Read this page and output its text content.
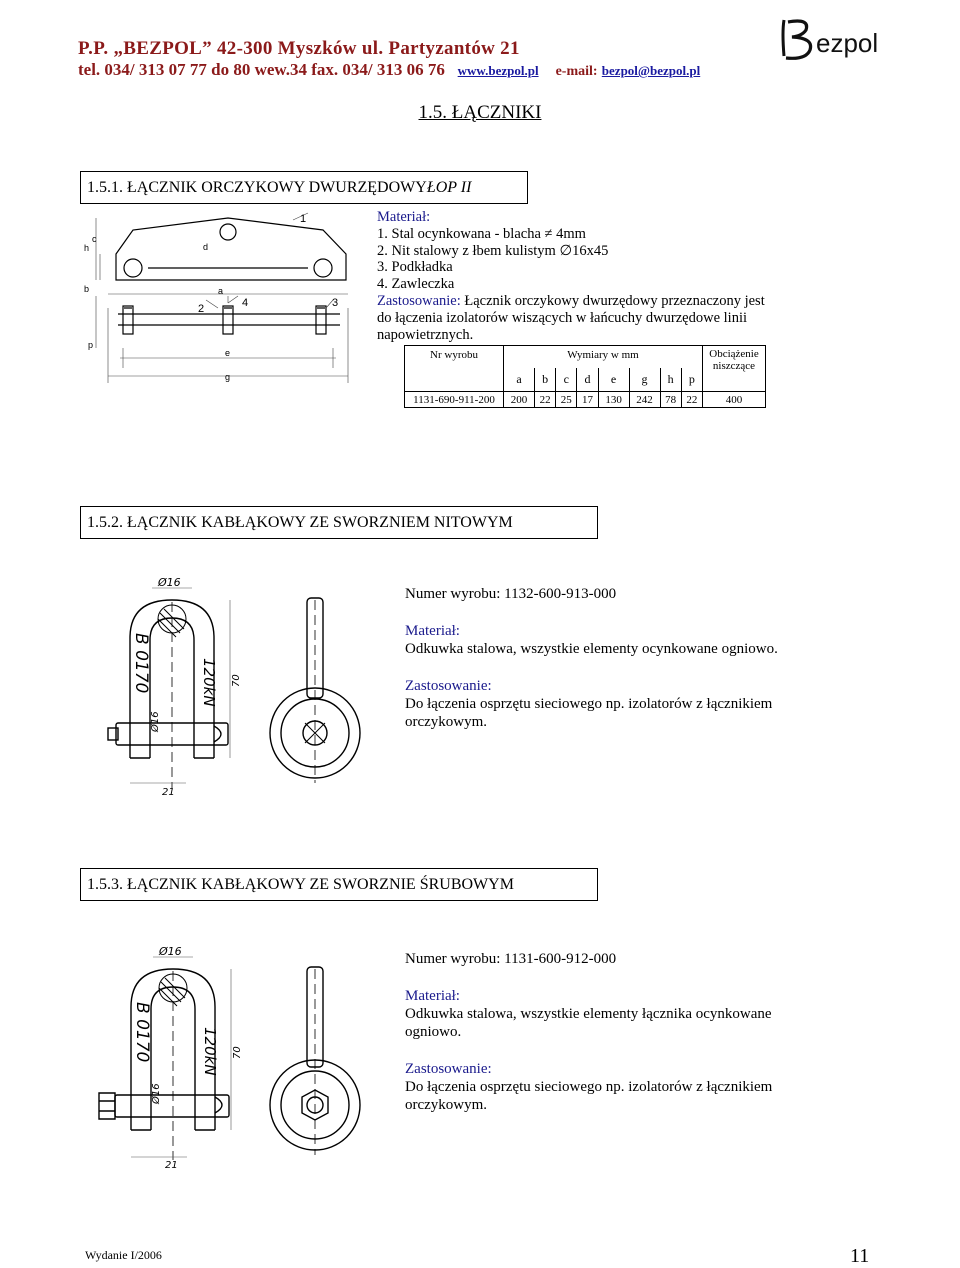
P.P. „BEZPOL” 42-300 Myszków ul. Partyzantów 21
tel. 034/ 313 07 77 do 80 wew.34 fax. 034/ 313 06 76 www.bezpol.pl e-mail: bezpol@bezpol.pl
ezpol
1.5. ŁĄCZNIKI
1.5.1. ŁĄCZNIK ORCZYKOWY DWURZĘDOWY ŁOP II
h
c
b
p
d
a
e
g
1
2	3
4
Materiał:
1. Stal ocynkowana - blacha ≠ 4mm
2. Nit stalowy z łbem kulistym ∅16x45
3. Podkładka
4. Zawleczka
Zastosowanie: Łącznik orczykowy dwurzędowy przeznaczony jest
do łączenia izolatorów wiszących w łańcuchy dwurzędowe linii
napowietrznych.
Nr wyrobu	Wymiary w mm								Obciążenie niszczące
	a	b	c	d	e	g	h	p	
1131-690-911-200	200	22	25	17	130	242	78	22	400
1.5.2. ŁĄCZNIK KABŁĄKOWY ZE SWORZNIEM NITOWYM
Ø16
B 0170	120kN 70
Ø16
21
Numer wyrobu: 1132-600-913-000
Materiał:
Odkuwka stalowa, wszystkie elementy ocynkowane ogniowo.
Zastosowanie:
Do łączenia osprzętu sieciowego np. izolatorów z łącznikiem
orczykowym.
1.5.3. ŁĄCZNIK KABŁĄKOWY ZE SWORZNIE ŚRUBOWYM
Ø16
B 0170	120kN 70
Ø16
21
Numer wyrobu: 1131-600-912-000
Materiał:
Odkuwka stalowa, wszystkie elementy łącznika ocynkowane
ogniowo.
Zastosowanie:
Do łączenia osprzętu sieciowego np. izolatorów z łącznikiem
orczykowym.
Wydanie I/2006	11
